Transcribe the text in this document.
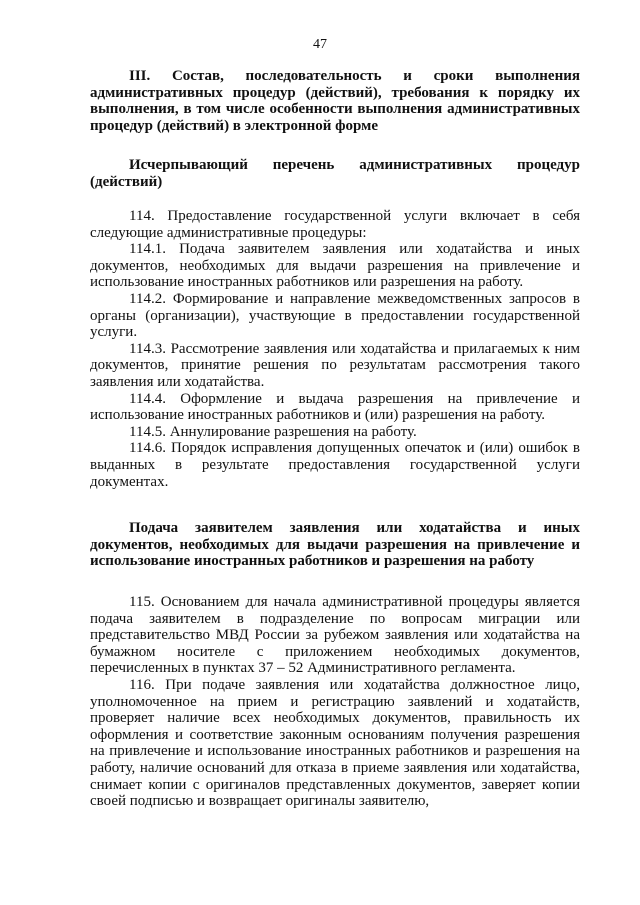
47
III. Состав, последовательность и сроки выполнения административных процедур (действий), требования к порядку их выполнения, в том числе особенности выполнения административных процедур (действий) в электронной форме
Исчерпывающий перечень административных процедур (действий)
114. Предоставление государственной услуги включает в себя следующие административные процедуры:
114.1. Подача заявителем заявления или ходатайства и иных документов, необходимых для выдачи разрешения на привлечение и использование иностранных работников или разрешения на работу.
114.2. Формирование и направление межведомственных запросов в органы (организации), участвующие в предоставлении государственной услуги.
114.3. Рассмотрение заявления или ходатайства и прилагаемых к ним документов, принятие решения по результатам рассмотрения такого заявления или ходатайства.
114.4. Оформление и выдача разрешения на привлечение и использование иностранных работников и (или) разрешения на работу.
114.5. Аннулирование разрешения на работу.
114.6. Порядок исправления допущенных опечаток и (или) ошибок в выданных в результате предоставления государственной услуги документах.
Подача заявителем заявления или ходатайства и иных документов, необходимых для выдачи разрешения на привлечение и использование иностранных работников и разрешения на работу
115. Основанием для начала административной процедуры является подача заявителем в подразделение по вопросам миграции или представительство МВД России за рубежом заявления или ходатайства на бумажном носителе с приложением необходимых документов, перечисленных в пунктах 37 – 52 Административного регламента.
116. При подаче заявления или ходатайства должностное лицо, уполномоченное на прием и регистрацию заявлений и ходатайств, проверяет наличие всех необходимых документов, правильность их оформления и соответствие законным основаниям получения разрешения на привлечение и использование иностранных работников и разрешения на работу, наличие оснований для отказа в приеме заявления или ходатайства, снимает копии с оригиналов представленных документов, заверяет копии своей подписью и возвращает оригиналы заявителю,
